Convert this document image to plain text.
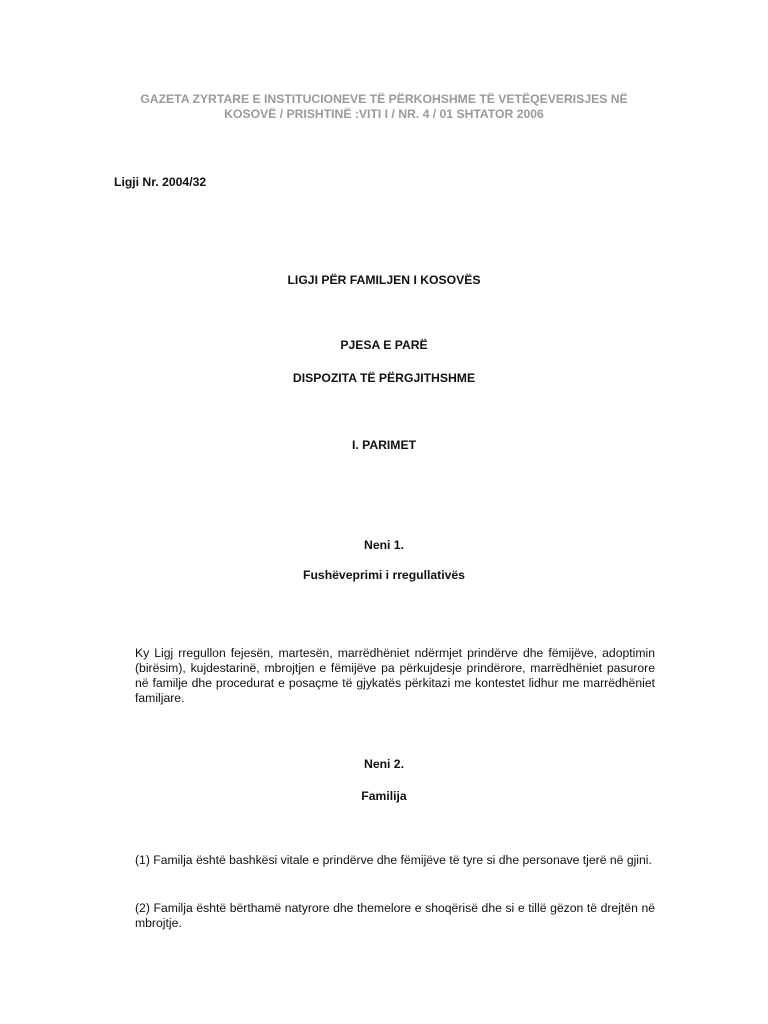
GAZETA ZYRTARE E INSTITUCIONEVE TË PËRKOHSHME TË VETËQEVERISJES NË
KOSOVË / PRISHTINË :VITI I / NR. 4 / 01 SHTATOR 2006
Ligji Nr. 2004/32
LIGJI PËR FAMILJEN I KOSOVËS
PJESA E PARË
DISPOZITA TË PËRGJITHSHME
I. PARIMET
Neni 1.
Fushëveprimi i rregullativës
Ky Ligj rregullon fejesën, martesën, marrëdhëniet ndërmjet prindërve dhe fëmijëve, adoptimin (birësim), kujdestarinë, mbrojtjen e fëmijëve pa përkujdesje prindërore, marrëdhëniet pasurore në familje dhe procedurat e posaçme të gjykatës përkitazi me kontestet lidhur me marrëdhëniet familjare.
Neni 2.
Familija
(1) Familja është bashkësi vitale e prindërve dhe fëmijëve të tyre si dhe personave tjerë në gjini.
(2) Familja është bërthamë natyrore dhe themelore e shoqërisë dhe si e tillë gëzon të drejtën në mbrojtje.
